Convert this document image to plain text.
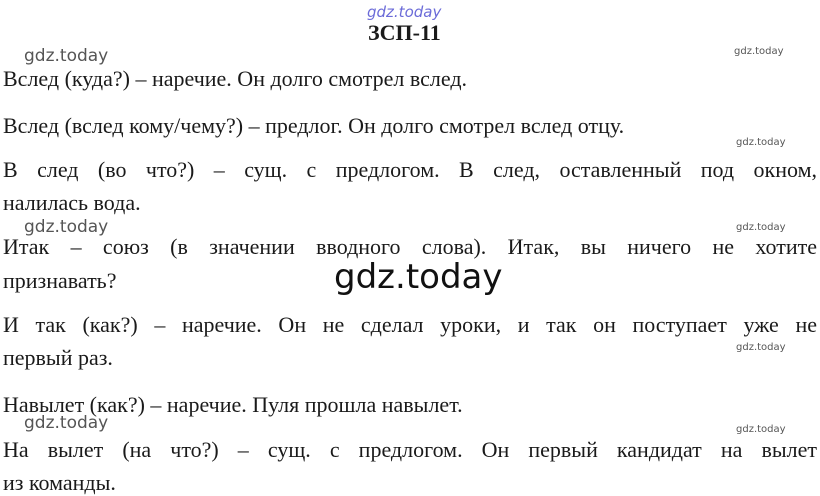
gdz.today
ЗСП-11
gdz.today	gdz.today
Вслед (куда?) – наречие. Он долго смотрел вслед.
Вслед (вслед кому/чему?) – предлог. Он долго смотрел вслед отцу.
gdz.today
В след (во что?) – сущ. с предлогом. В след, оставленный под окном,
налилась вода.
gdz.today	gdz.today
Итак – союз (в значении вводного слова). Итак, вы ничего не хотите
gdz.today
признавать?
И так (как?) – наречие. Он не сделал уроки, и так он поступает уже не
gdz.today
первый раз.
Навылет (как?) – наречие. Пуля прошла навылет.
gdz.today	gdz.today
На вылет (на что?) – сущ. с предлогом. Он первый кандидат на вылет
из команды.
